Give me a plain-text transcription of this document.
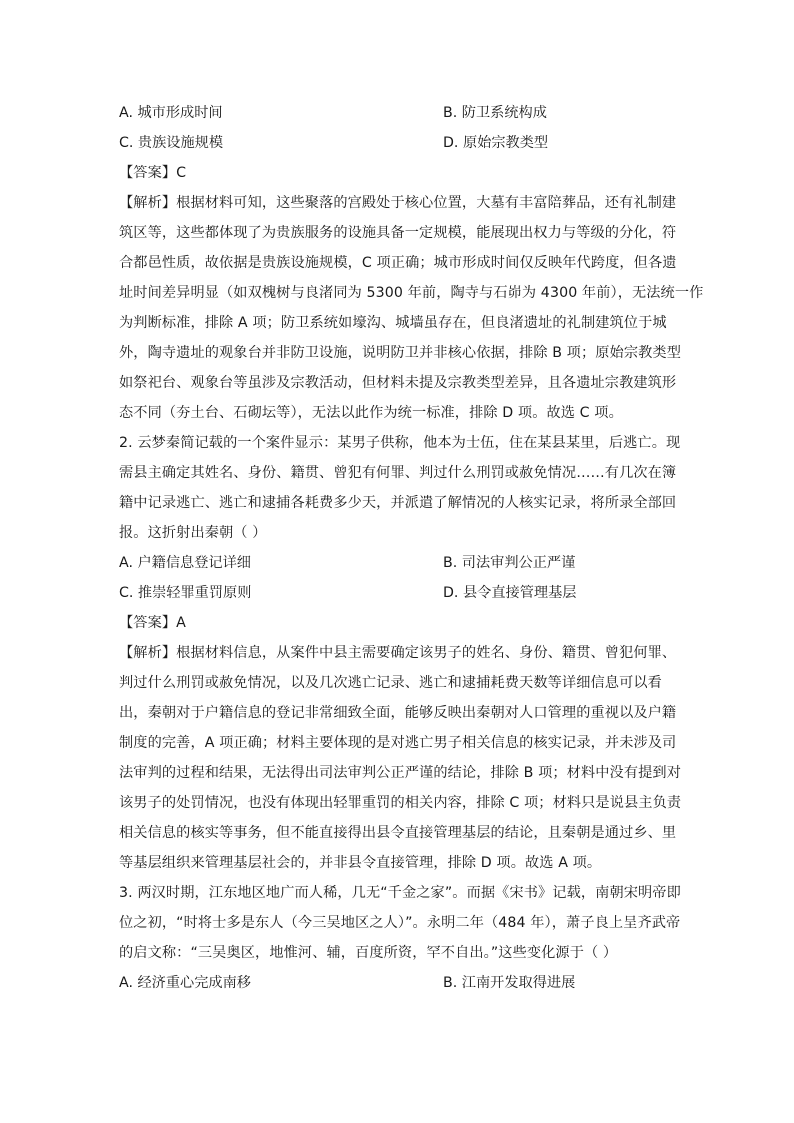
A. 城市形成时间	B. 防卫系统构成
C. 贵族设施规模	D. 原始宗教类型
【答案】C
【解析】根据材料可知，这些聚落的宫殿处于核心位置，大墓有丰富陪葬品，还有礼制建
筑区等，这些都体现了为贵族服务的设施具备一定规模，能展现出权力与等级的分化，符
合都邑性质，故依据是贵族设施规模，C 项正确；城市形成时间仅反映年代跨度，但各遗
址时间差异明显（如双槐树与良渚同为 5300 年前，陶寺与石峁为 4300 年前），无法统一作
为判断标准，排除 A 项；防卫系统如壕沟、城墙虽存在，但良渚遗址的礼制建筑位于城
外，陶寺遗址的观象台并非防卫设施，说明防卫并非核心依据，排除 B 项；原始宗教类型
如祭祀台、观象台等虽涉及宗教活动，但材料未提及宗教类型差异，且各遗址宗教建筑形
态不同（夯土台、石砌坛等），无法以此作为统一标准，排除 D 项。故选 C 项。
2. 云梦秦简记载的一个案件显示：某男子供称，他本为士伍，住在某县某里，后逃亡。现
需县主确定其姓名、身份、籍贯、曾犯有何罪、判过什么刑罚或赦免情况……有几次在簿
籍中记录逃亡、逃亡和逮捕各耗费多少天，并派遣了解情况的人核实记录，将所录全部回
报。这折射出秦朝（ ）
A. 户籍信息登记详细	B. 司法审判公正严谨
C. 推崇轻罪重罚原则	D. 县令直接管理基层
【答案】A
【解析】根据材料信息，从案件中县主需要确定该男子的姓名、身份、籍贯、曾犯何罪、
判过什么刑罚或赦免情况，以及几次逃亡记录、逃亡和逮捕耗费天数等详细信息可以看
出，秦朝对于户籍信息的登记非常细致全面，能够反映出秦朝对人口管理的重视以及户籍
制度的完善，A 项正确；材料主要体现的是对逃亡男子相关信息的核实记录，并未涉及司
法审判的过程和结果，无法得出司法审判公正严谨的结论，排除 B 项；材料中没有提到对
该男子的处罚情况，也没有体现出轻罪重罚的相关内容，排除 C 项；材料只是说县主负责
相关信息的核实等事务，但不能直接得出县令直接管理基层的结论，且秦朝是通过乡、里
等基层组织来管理基层社会的，并非县令直接管理，排除 D 项。故选 A 项。
3. 两汉时期，江东地区地广而人稀，几无“千金之家”。而据《宋书》记载，南朝宋明帝即
位之初，“时将士多是东人（今三吴地区之人）”。永明二年（484 年），萧子良上呈齐武帝
的启文称：“三吴奥区，地惟河、辅，百度所资，罕不自出。”这些变化源于（ ）
A. 经济重心完成南移	B. 江南开发取得进展
